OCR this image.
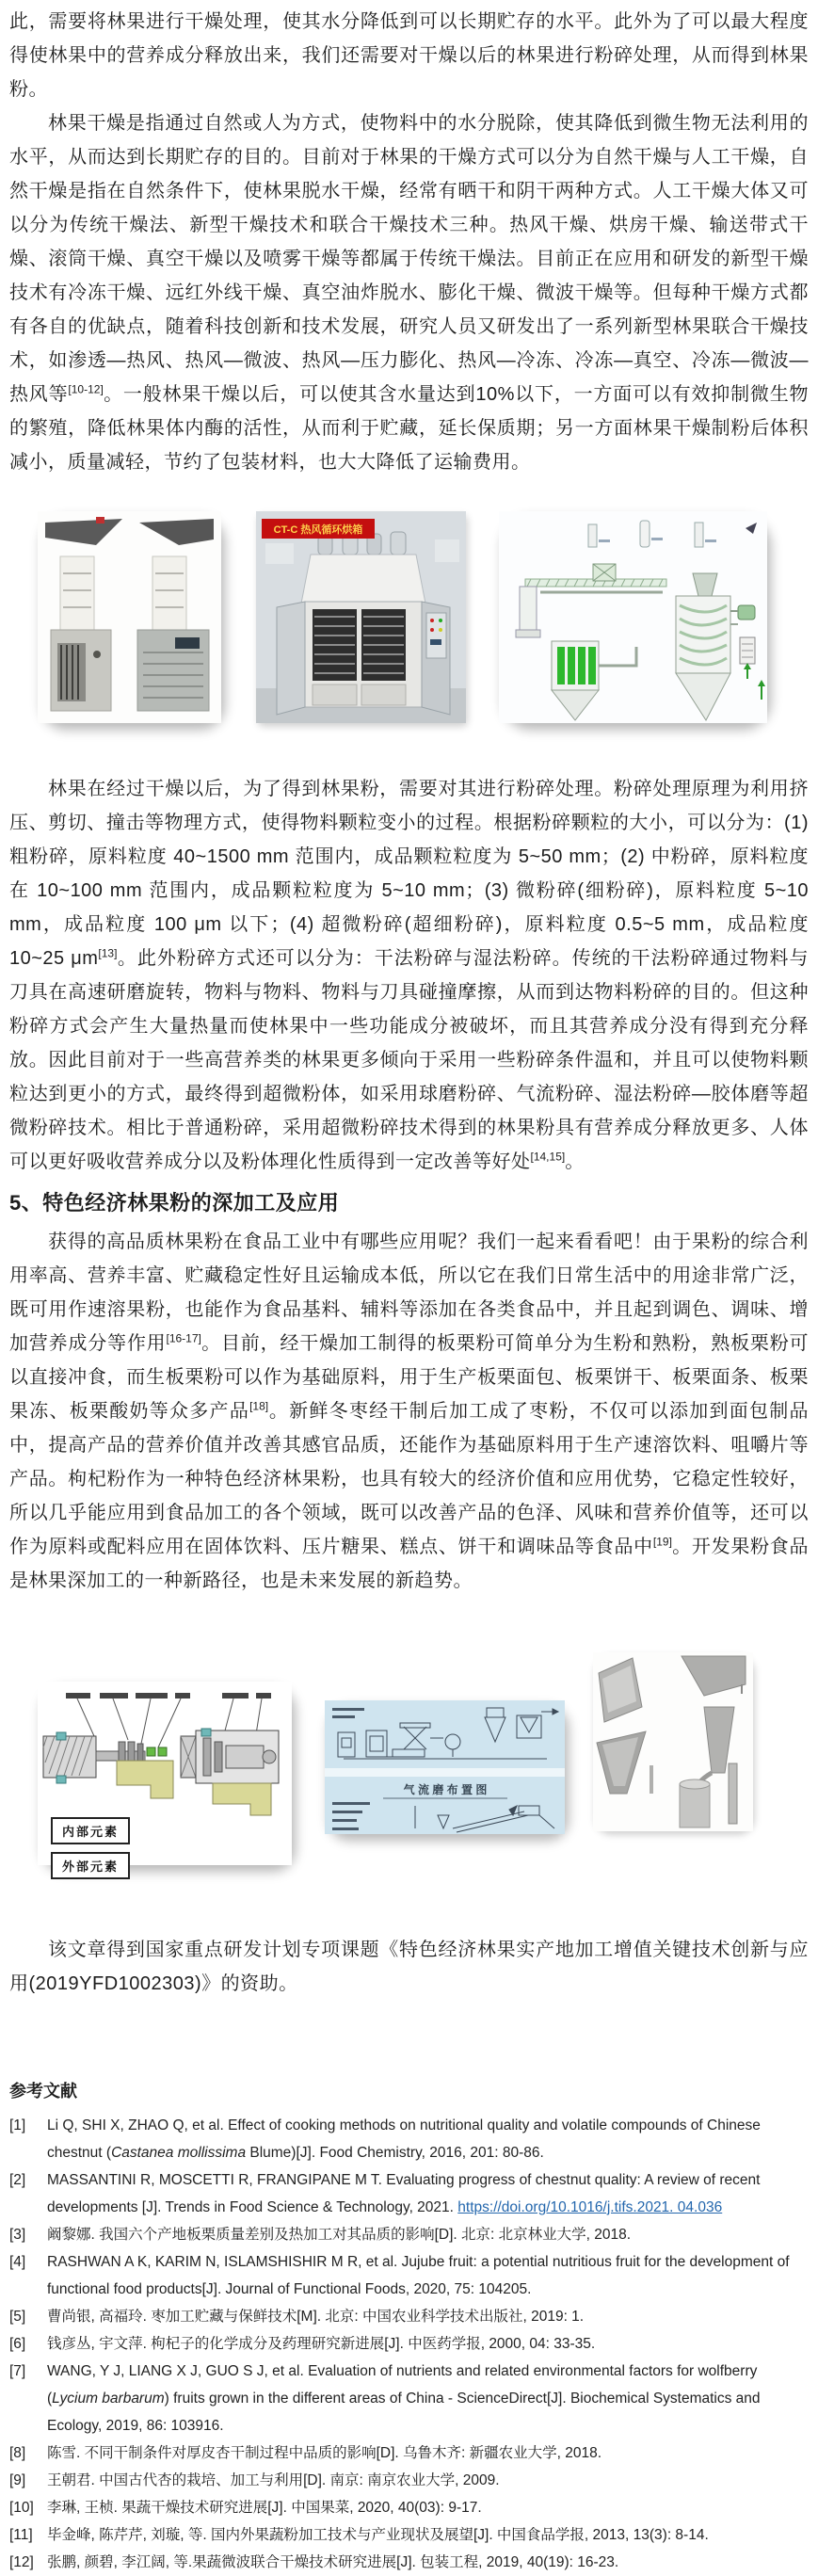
此，需要将林果进行干燥处理，使其水分降低到可以长期贮存的水平。此外为了可以最大程度得使林果中的营养成分释放出来，我们还需要对干燥以后的林果进行粉碎处理，从而得到林果粉。

林果干燥是指通过自然或人为方式，使物料中的水分脱除，使其降低到微生物无法利用的水平，从而达到长期贮存的目的。目前对于林果的干燥方式可以分为自然干燥与人工干燥，自然干燥是指在自然条件下，使林果脱水干燥，经常有晒干和阴干两种方式。人工干燥大体又可以分为传统干燥法、新型干燥技术和联合干燥技术三种。热风干燥、烘房干燥、输送带式干燥、滚筒干燥、真空干燥以及喷雾干燥等都属于传统干燥法。目前正在应用和研发的新型干燥技术有冷冻干燥、远红外线干燥、真空油炸脱水、膨化干燥、微波干燥等。但每种干燥方式都有各自的优缺点，随着科技创新和技术发展，研究人员又研发出了一系列新型林果联合干燥技术，如渗透—热风、热风—微波、热风—压力膨化、热风—冷冻、冷冻—真空、冷冻—微波—热风等[10-12]。一般林果干燥以后，可以使其含水量达到10%以下，一方面可以有效抑制微生物的繁殖，降低林果体内酶的活性，从而利于贮藏，延长保质期；另一方面林果干燥制粉后体积减小，质量减轻，节约了包装材料，也大大降低了运输费用。

CT-C 热风循环烘箱

林果在经过干燥以后，为了得到林果粉，需要对其进行粉碎处理。粉碎处理原理为利用挤压、剪切、撞击等物理方式，使得物料颗粒变小的过程。根据粉碎颗粒的大小，可以分为：(1) 粗粉碎，原料粒度 40~1500 mm 范围内，成品颗粒粒度为 5~50 mm；(2) 中粉碎，原料粒度在 10~100 mm 范围内，成品颗粒粒度为 5~10 mm；(3) 微粉碎(细粉碎)，原料粒度 5~10 mm，成品粒度 100 μm 以下；(4) 超微粉碎(超细粉碎)，原料粒度 0.5~5 mm，成品粒度 10~25 μm[13]。此外粉碎方式还可以分为：干法粉碎与湿法粉碎。传统的干法粉碎通过物料与刀具在高速研磨旋转，物料与物料、物料与刀具碰撞摩擦，从而到达物料粉碎的目的。但这种粉碎方式会产生大量热量而使林果中一些功能成分被破坏，而且其营养成分没有得到充分释放。因此目前对于一些高营养类的林果更多倾向于采用一些粉碎条件温和，并且可以使物料颗粒达到更小的方式，最终得到超微粉体，如采用球磨粉碎、气流粉碎、湿法粉碎—胶体磨等超微粉碎技术。相比于普通粉碎，采用超微粉碎技术得到的林果粉具有营养成分释放更多、人体可以更好吸收营养成分以及粉体理化性质得到一定改善等好处[14,15]。

5、特色经济林果粉的深加工及应用

获得的高品质林果粉在食品工业中有哪些应用呢？我们一起来看看吧！由于果粉的综合利用率高、营养丰富、贮藏稳定性好且运输成本低，所以它在我们日常生活中的用途非常广泛，既可用作速溶果粉，也能作为食品基料、辅料等添加在各类食品中，并且起到调色、调味、增加营养成分等作用[16-17]。目前，经干燥加工制得的板栗粉可简单分为生粉和熟粉，熟板栗粉可以直接冲食，而生板栗粉可以作为基础原料，用于生产板栗面包、板栗饼干、板栗面条、板栗果冻、板栗酸奶等众多产品[18]。新鲜冬枣经干制后加工成了枣粉，不仅可以添加到面包制品中，提高产品的营养价值并改善其感官品质，还能作为基础原料用于生产速溶饮料、咀嚼片等产品。枸杞粉作为一种特色经济林果粉，也具有较大的经济价值和应用优势，它稳定性较好，所以几乎能应用到食品加工的各个领域，既可以改善产品的色泽、风味和营养价值等，还可以作为原料或配料应用在固体饮料、压片糖果、糕点、饼干和调味品等食品中[19]。开发果粉食品是林果深加工的一种新路径，也是未来发展的新趋势。

内部元素
外部元素
气 流 磨 布 置 图

该文章得到国家重点研发计划专项课题《特色经济林果实产地加工增值关键技术创新与应用(2019YFD1002303)》的资助。

参考文献
[1]	Li Q, SHI X, ZHAO Q, et al. Effect of cooking methods on nutritional quality and volatile compounds of Chinese chestnut (Castanea mollissima Blume)[J]. Food Chemistry, 2016, 201: 80-86.
[2]	MASSANTINI R, MOSCETTI R, FRANGIPANE M T. Evaluating progress of chestnut quality: A review of recent developments [J]. Trends in Food Science & Technology, 2021. https://doi.org/10.1016/j.tifs.2021. 04.036
[3]	阚黎娜. 我国六个产地板栗质量差别及热加工对其品质的影响[D]. 北京: 北京林业大学, 2018.
[4]	RASHWAN A K, KARIM N, ISLAMSHISHIR M R, et al. Jujube fruit: a potential nutritious fruit for the development of functional food products[J]. Journal of Functional Foods, 2020, 75: 104205.
[5]	曹尚银, 高福玲. 枣加工贮藏与保鲜技术[M]. 北京: 中国农业科学技术出版社, 2019: 1.
[6]	钱彦丛, 宇文萍. 枸杞子的化学成分及药理研究新进展[J]. 中医药学报, 2000, 04: 33-35.
[7]	WANG, Y J, LIANG X J, GUO S J, et al. Evaluation of nutrients and related environmental factors for wolfberry (Lycium barbarum) fruits grown in the different areas of China - ScienceDirect[J]. Biochemical Systematics and Ecology, 2019, 86: 103916.
[8]	陈雪. 不同干制条件对厚皮杏干制过程中品质的影响[D]. 乌鲁木齐: 新疆农业大学, 2018.
[9]	王朝君. 中国古代杏的栽培、加工与利用[D]. 南京: 南京农业大学, 2009.
[10] 李琳, 王桢. 果蔬干燥技术研究进展[J]. 中国果菜, 2020, 40(03): 9-17.
[11] 毕金峰, 陈芹芹, 刘璇, 等. 国内外果蔬粉加工技术与产业现状及展望[J]. 中国食品学报, 2013, 13(3): 8-14.
[12] 张鹏, 颜碧, 李江阔, 等.果蔬微波联合干燥技术研究进展[J]. 包装工程, 2019, 40(19): 16-23.
